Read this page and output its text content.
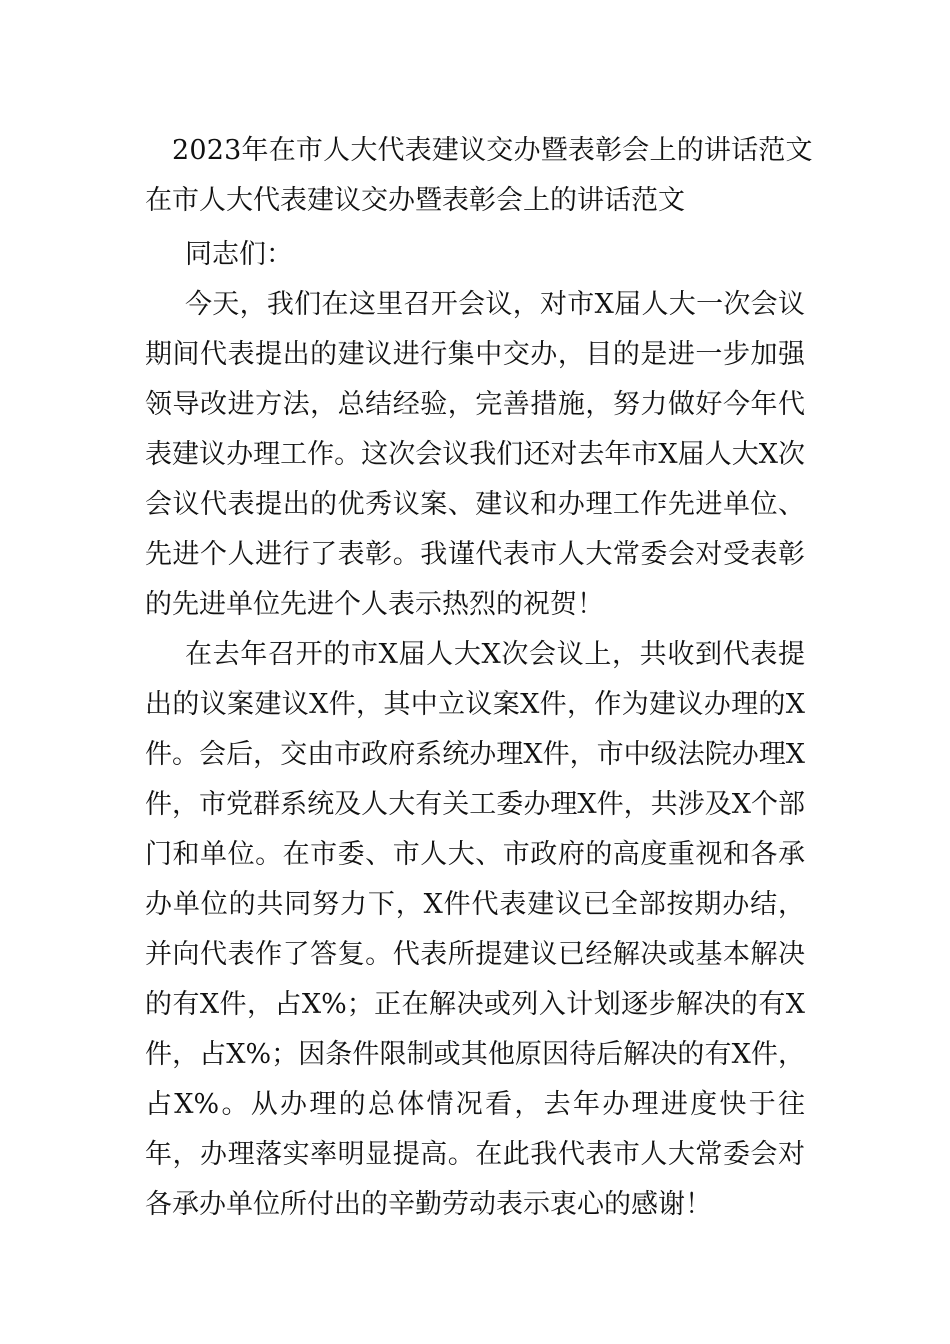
2023年在市人大代表建议交办暨表彰会上的讲话范文
在市人大代表建议交办暨表彰会上的讲话范文

同志们：

今天，我们在这里召开会议，对市X届人大一次会议期间代表提出的建议进行集中交办，目的是进一步加强领导改进方法，总结经验，完善措施，努力做好今年代表建议办理工作。这次会议我们还对去年市X届人大X次会议代表提出的优秀议案、建议和办理工作先进单位、先进个人进行了表彰。我谨代表市人大常委会对受表彰的先进单位先进个人表示热烈的祝贺！

在去年召开的市X届人大X次会议上，共收到代表提出的议案建议X件，其中立议案X件，作为建议办理的X件。会后，交由市政府系统办理X件，市中级法院办理X件，市党群系统及人大有关工委办理X件，共涉及X个部门和单位。在市委、市人大、市政府的高度重视和各承办单位的共同努力下，X件代表建议已全部按期办结，并向代表作了答复。代表所提建议已经解决或基本解决的有X件，占X%；正在解决或列入计划逐步解决的有X件，占X%；因条件限制或其他原因待后解决的有X件，占X%。从办理的总体情况看，去年办理进度快于往年，办理落实率明显提高。在此我代表市人大常委会对各承办单位所付出的辛勤劳动表示衷心的感谢！
